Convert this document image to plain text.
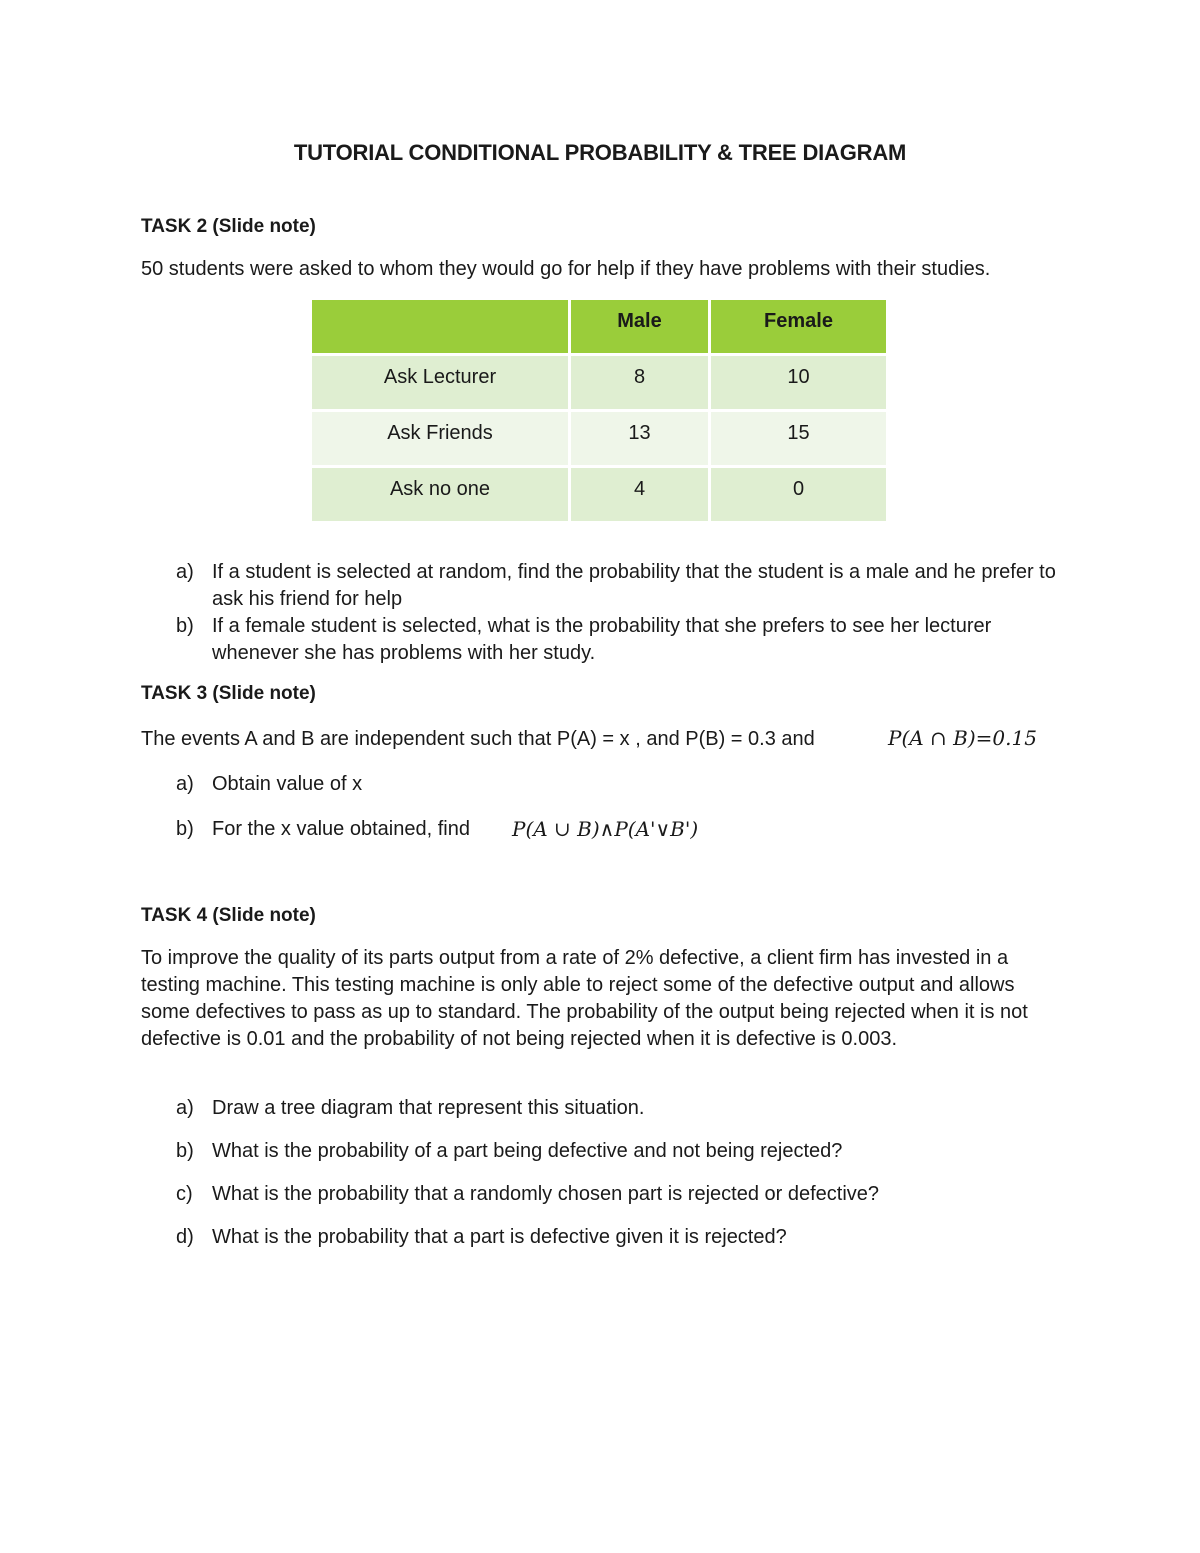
TUTORIAL CONDITIONAL PROBABILITY & TREE DIAGRAM
TASK 2 (Slide note)
50 students were asked to whom they would go for help if they have problems with their studies.
	Male	Female
Ask Lecturer	8	10
Ask Friends	13	15
Ask no one	4	0
a) If a student is selected at random, find the probability that the student is a male and he prefer to ask his friend for help
b) If a female student is selected, what is the probability that she prefers to see her lecturer whenever she has problems with her study.
TASK 3 (Slide note)
The events A and B are independent such that P(A) = x , and P(B) = 0.3 and	P(A ∩ B)=0.15
a) Obtain value of x
b) For the x value obtained, find	P(A ∪ B)∧P(A'∨B')
TASK 4 (Slide note)
To improve the quality of its parts output from a rate of 2% defective, a client firm has invested in a testing machine. This testing machine is only able to reject some of the defective output and allows some defectives to pass as up to standard. The probability of the output being rejected when it is not defective is 0.01 and the probability of not being rejected when it is defective is 0.003.
a) Draw a tree diagram that represent this situation.
b) What is the probability of a part being defective and not being rejected?
c) What is the probability that a randomly chosen part is rejected or defective?
d) What is the probability that a part is defective given it is rejected?
